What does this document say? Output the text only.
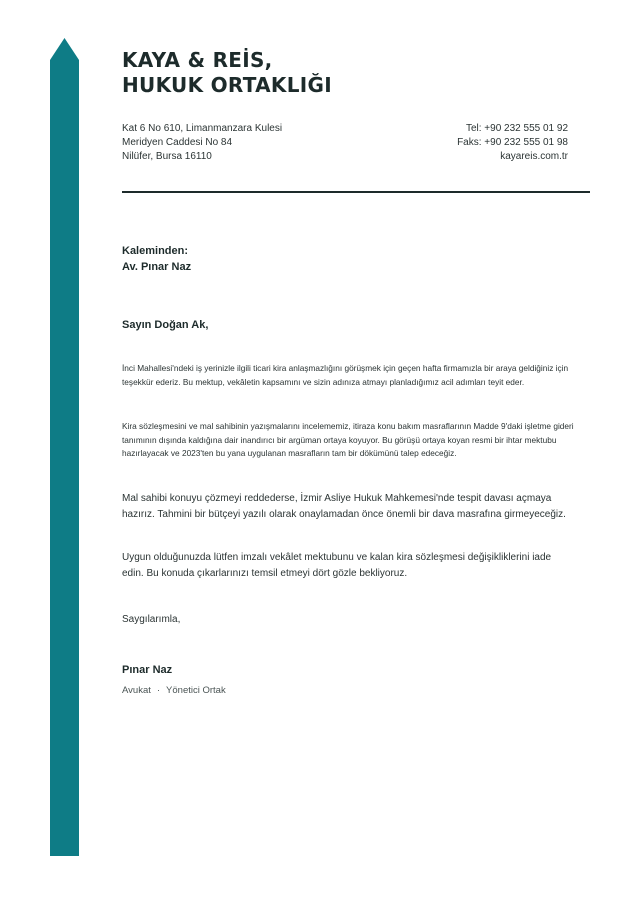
KAYA & REİS,
HUKUK ORTAKLIĞI
Kat 6 No 610, Limanmanzara Kulesi
Meridyen Caddesi No 84
Nilüfer, Bursa 16110
Tel: +90 232 555 01 92
Faks: +90 232 555 01 98
kayareis.com.tr
Kaleminden:
Av. Pınar Naz
Sayın Doğan Ak,

İnci Mahallesi'ndeki iş yerinizle ilgili ticari kira anlaşmazlığını görüşmek için geçen hafta firmamızla bir araya geldiğiniz için teşekkür ederiz. Bu mektup, vekâletin kapsamını ve sizin adınıza atmayı planladığımız acil adımları teyit eder.

Kira sözleşmesini ve mal sahibinin yazışmalarını incelememiz, itirazа konu bakım masraflarının Madde 9'daki işletme gideri tanımının dışında kaldığına dair inandırıcı bir argüman ortaya koyuyor. Bu görüşü ortaya koyan resmi bir ihtar mektubu hazırlayacak ve 2023'ten bu yana uygulanan masrafların tam bir dökümünü talep edeceğiz.

Mal sahibi konuyu çözmeyi reddederse, İzmir Asliye Hukuk Mahkemesi'nde tespit davası açmaya hazırız. Tahmini bir bütçeyi yazılı olarak onaylamadan önce önemli bir dava masrafına girmeyeceğiz.

Uygun olduğunuzda lütfen imzalı vekâlet mektubunu ve kalan kira sözleşmesi değişikliklerini iade edin. Bu konuda çıkarlarınızı temsil etmeyi dört gözle bekliyoruz.

Saygılarımla,
Pınar Naz
Avukat · Yönetici Ortak
